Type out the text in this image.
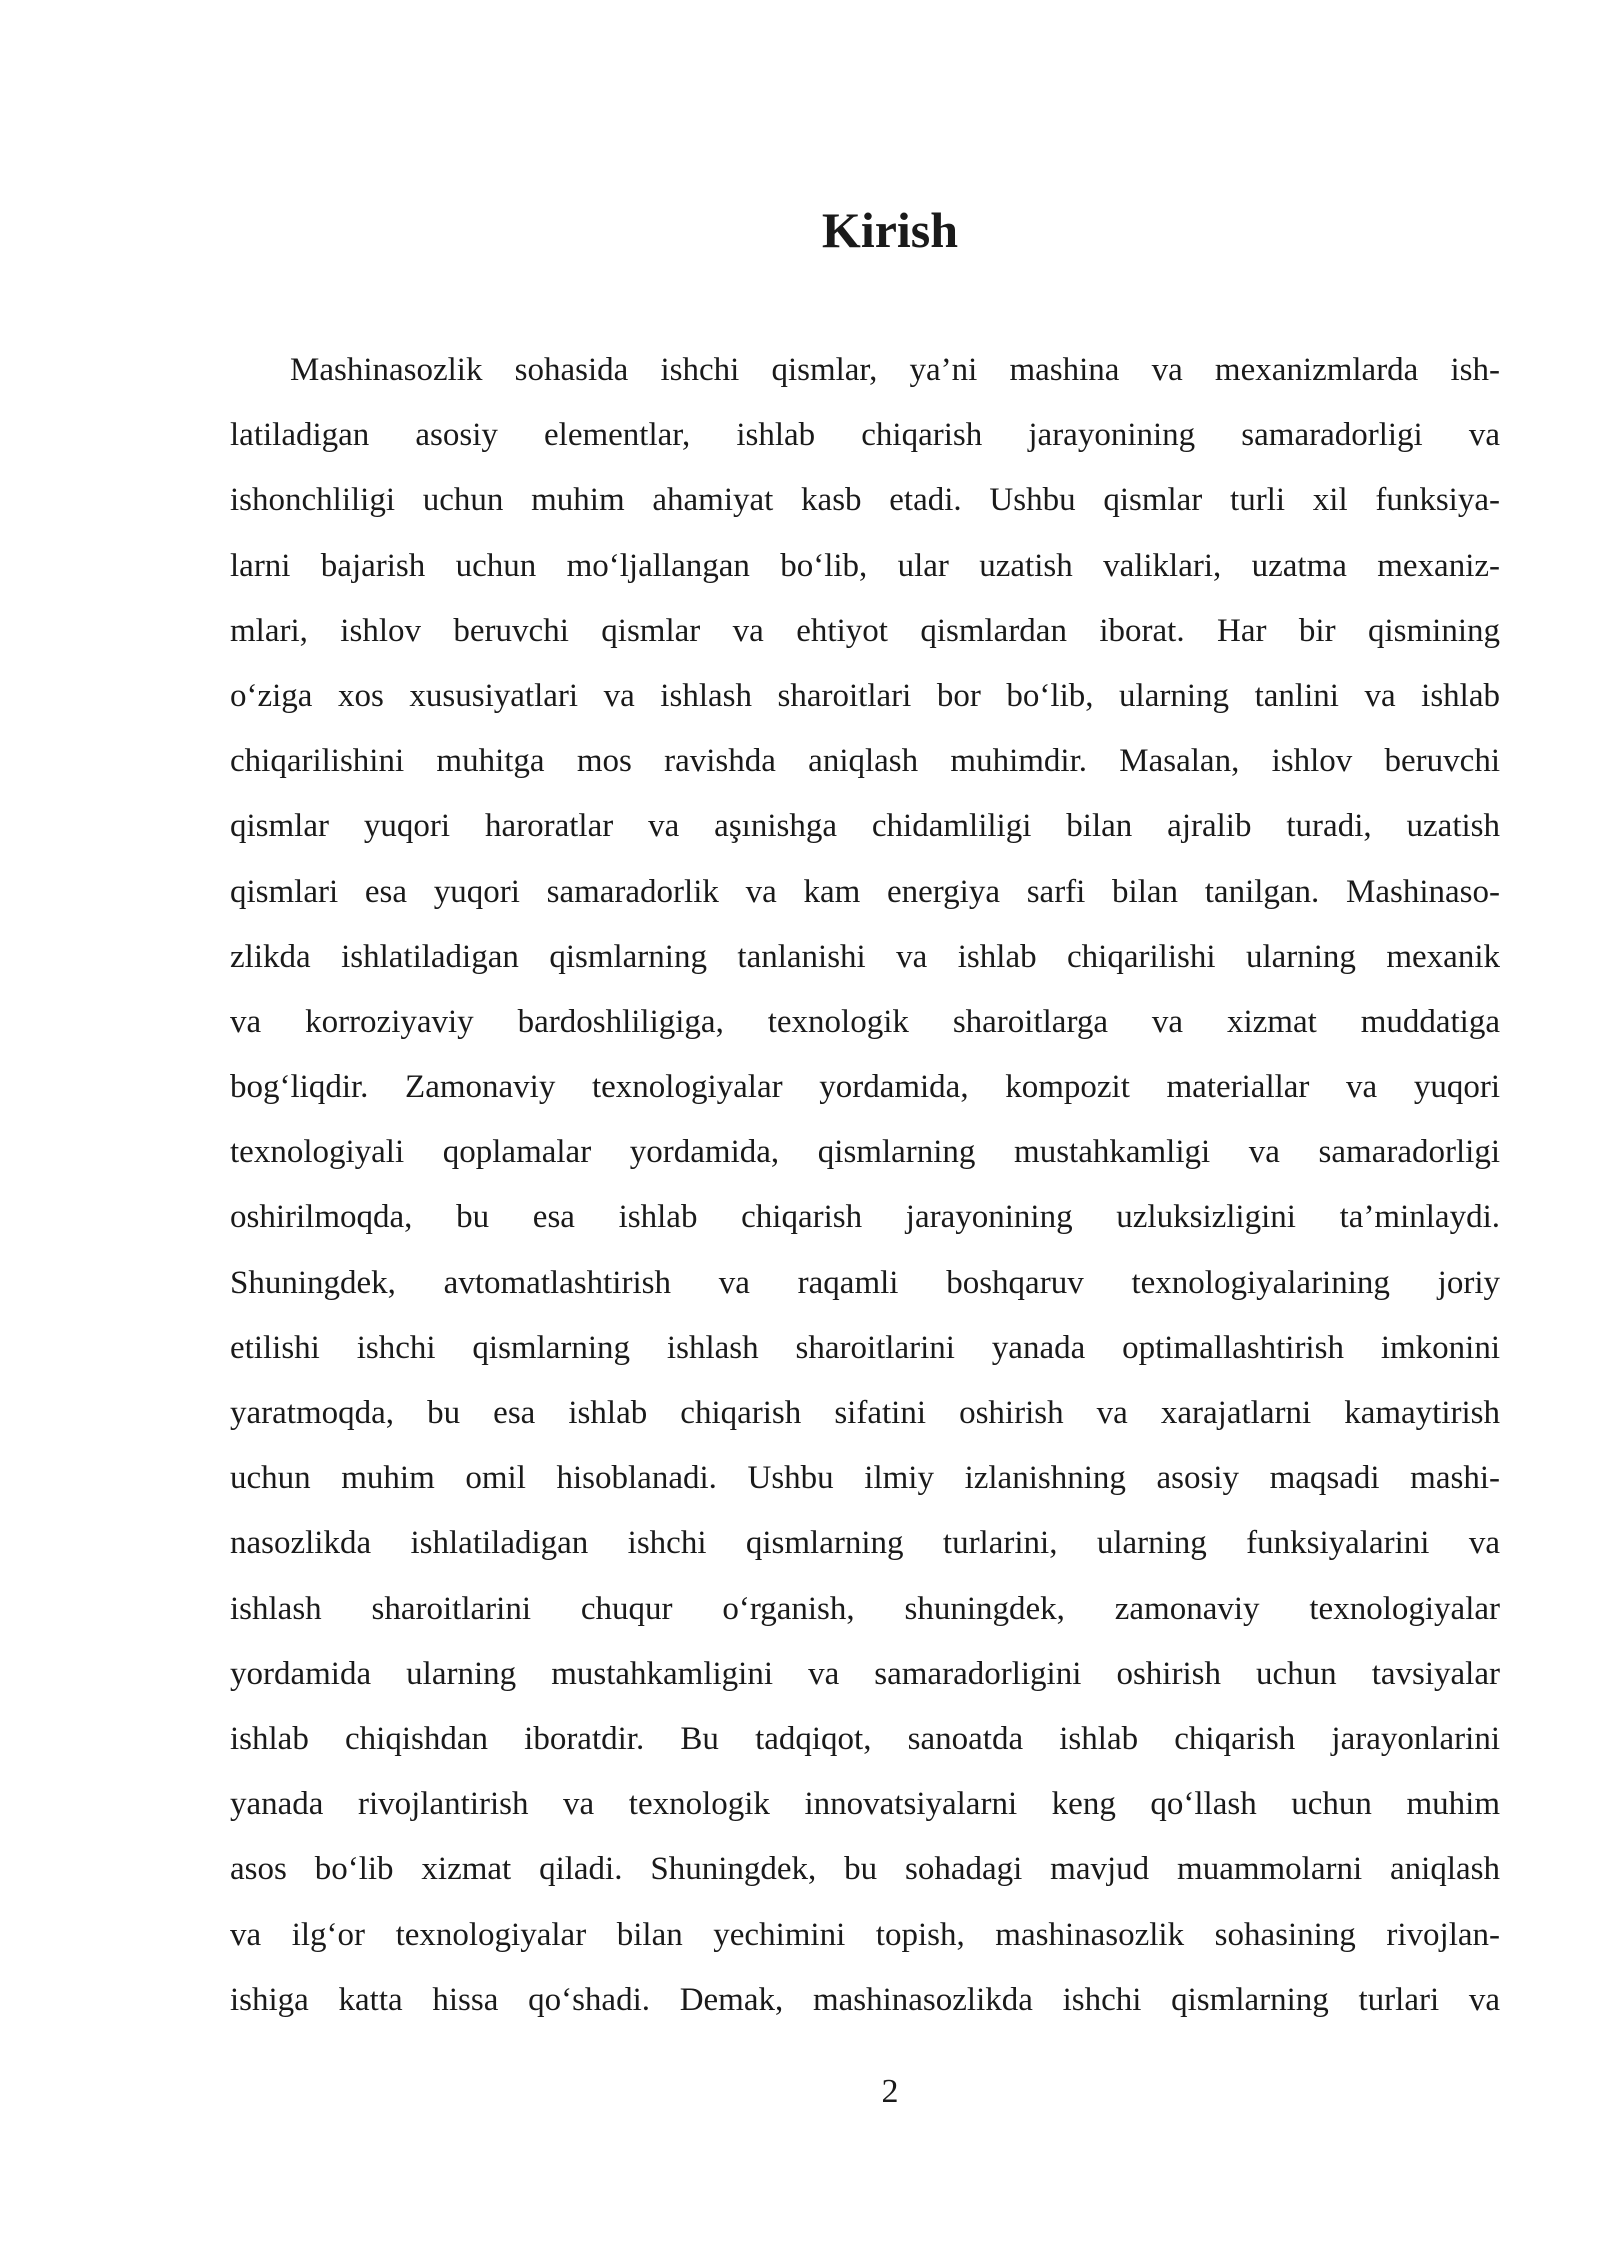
Kirish
Mashinasozlik sohasida ishchi qismlar, ya’ni mashina va mexanizmlarda ish-
latiladigan asosiy elementlar, ishlab chiqarish jarayonining samaradorligi va
ishonchliligi uchun muhim ahamiyat kasb etadi. Ushbu qismlar turli xil funksiya-
larni bajarish uchun mo‘ljallangan bo‘lib, ular uzatish valiklari, uzatma mexaniz-
mlari, ishlov beruvchi qismlar va ehtiyot qismlardan iborat. Har bir qismining
o‘ziga xos xususiyatlari va ishlash sharoitlari bor bo‘lib, ularning tanlini va ishlab
chiqarilishini muhitga mos ravishda aniqlash muhimdir. Masalan, ishlov beruvchi
qismlar yuqori haroratlar va aşınishga chidamliligi bilan ajralib turadi, uzatish
qismlari esa yuqori samaradorlik va kam energiya sarfi bilan tanilgan. Mashinaso-
zlikda ishlatiladigan qismlarning tanlanishi va ishlab chiqarilishi ularning mexanik
va korroziyaviy bardoshliligiga, texnologik sharoitlarga va xizmat muddatiga
bog‘liqdir. Zamonaviy texnologiyalar yordamida, kompozit materiallar va yuqori
texnologiyali qoplamalar yordamida, qismlarning mustahkamligi va samaradorligi
oshirilmoqda, bu esa ishlab chiqarish jarayonining uzluksizligini ta’minlaydi.
Shuningdek, avtomatlashtirish va raqamli boshqaruv texnologiyalarining joriy
etilishi ishchi qismlarning ishlash sharoitlarini yanada optimallashtirish imkonini
yaratmoqda, bu esa ishlab chiqarish sifatini oshirish va xarajatlarni kamaytirish
uchun muhim omil hisoblanadi. Ushbu ilmiy izlanishning asosiy maqsadi mashi-
nasozlikda ishlatiladigan ishchi qismlarning turlarini, ularning funksiyalarini va
ishlash sharoitlarini chuqur o‘rganish, shuningdek, zamonaviy texnologiyalar
yordamida ularning mustahkamligini va samaradorligini oshirish uchun tavsiyalar
ishlab chiqishdan iboratdir. Bu tadqiqot, sanoatda ishlab chiqarish jarayonlarini
yanada rivojlantirish va texnologik innovatsiyalarni keng qo‘llash uchun muhim
asos bo‘lib xizmat qiladi. Shuningdek, bu sohadagi mavjud muammolarni aniqlash
va ilg‘or texnologiyalar bilan yechimini topish, mashinasozlik sohasining rivojlan-
ishiga katta hissa qo‘shadi. Demak, mashinasozlikda ishchi qismlarning turlari va
2
